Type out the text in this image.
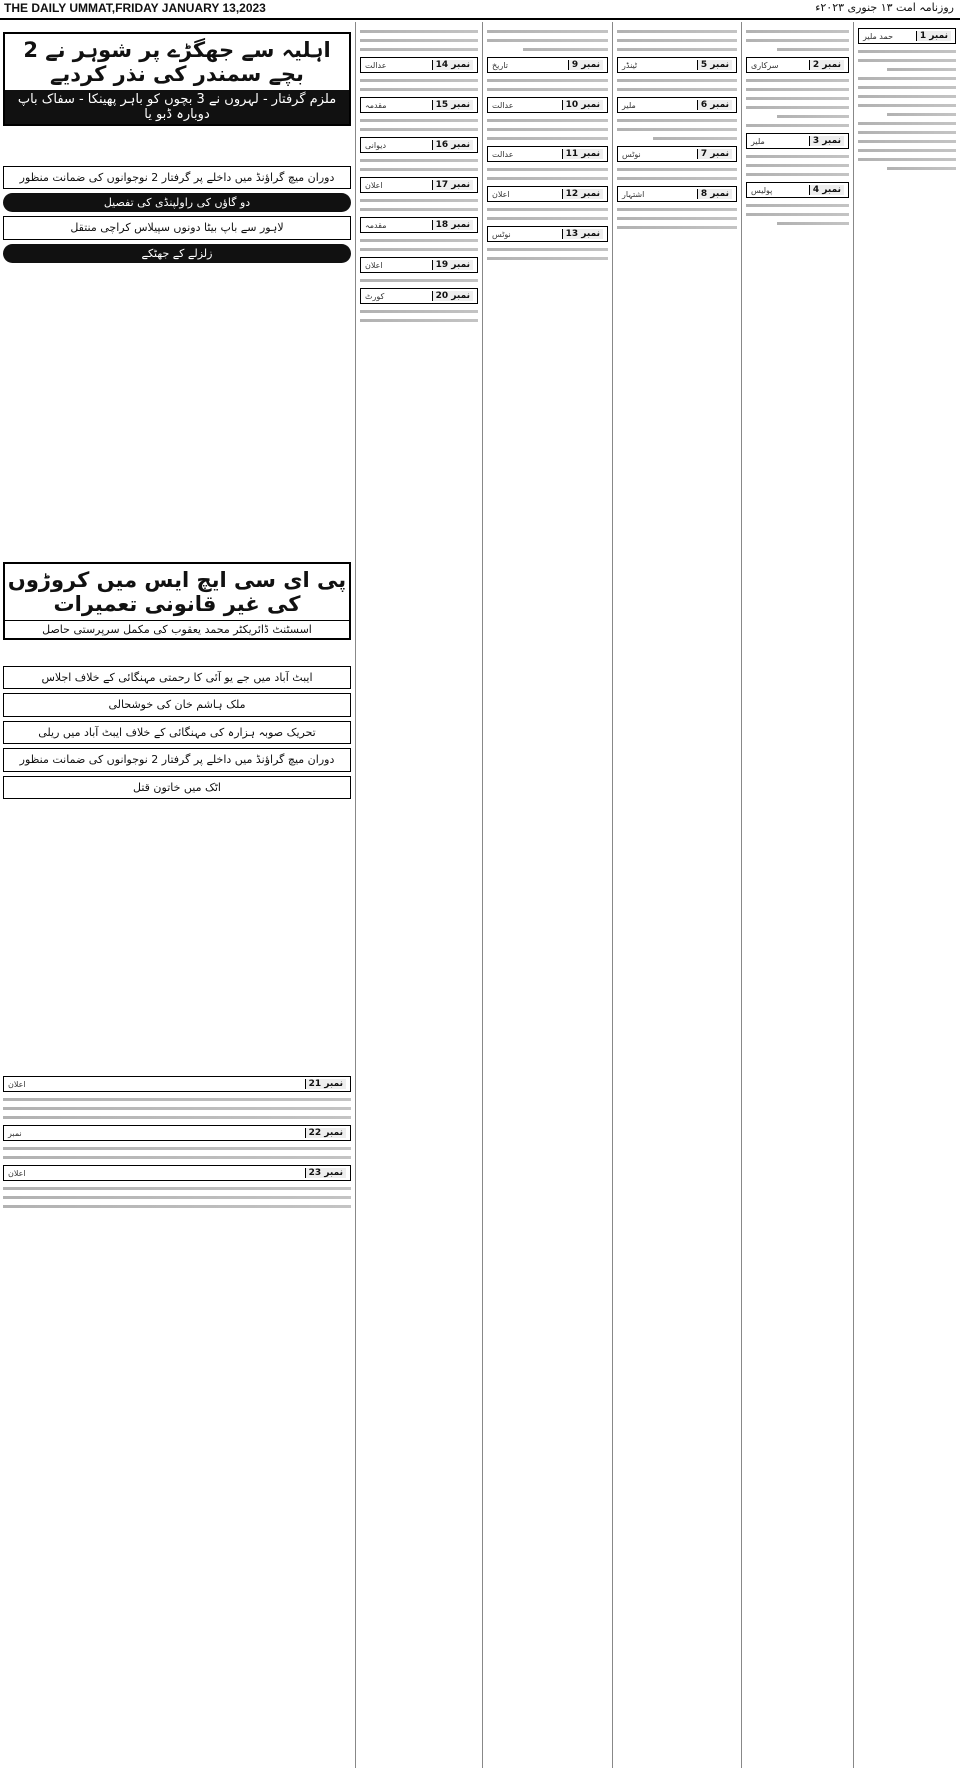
THE DAILY UMMAT,FRIDAY JANUARY 13,2023	روزنامہ امت ۱۳ جنوری ۲۰۲۳ء
نمبر 1
حمد ملیر
نمبر 2
سرکاری
نمبر 3
ملیر
نمبر 4
پولیس
نمبر 5
ٹینڈر
نمبر 6
ملیر
نمبر 7
نوٹس
نمبر 8
اشتہار
نمبر 9
تاریخ
نمبر 10
عدالت
نمبر 11
عدالت
نمبر 12
اعلان
نمبر 13
نوٹس
نمبر 14
عدالت
نمبر 15
مقدمہ
نمبر 16
دیوانی
نمبر 17
اعلان
نمبر 18
مقدمہ
نمبر 19
اعلان
نمبر 20
کورٹ
اہلیہ سے جھگڑے پر شوہر نے 2 بچے سمندر کی نذر کردیے
ملزم گرفتار - لہروں نے 3 بچوں کو باہر پھینکا - سفاک باپ دوبارہ ڈبو یا
دوران میچ گراؤنڈ میں داخلے پر گرفتار 2 نوجوانوں کی ضمانت منظور
دو گاؤں کی راولپنڈی کی تفصیل
لاہور سے باپ بیٹا دونوں سپیلاس کراچی منتقل
زلزلے کے جھٹکے
پی ای سی ایچ ایس میں کروڑوں کی غیر قانونی تعمیرات
اسسٹنٹ ڈائریکٹر محمد یعقوب کی مکمل سرپرستی حاصل
ایبٹ آباد میں جے یو آئی کا رحمتی مہنگائی کے خلاف اجلاس
ملک ہاشم خان کی خوشحالی
تحریک صوبہ ہزارہ کی مہنگائی کے خلاف ایبٹ آباد میں ریلی
دوران میچ گراؤنڈ میں داخلے پر گرفتار 2 نوجوانوں کی ضمانت منظور
اٹک میں خاتون قتل
نمبر 21
اعلان
نمبر 22
نمبر
نمبر 23
اعلان
